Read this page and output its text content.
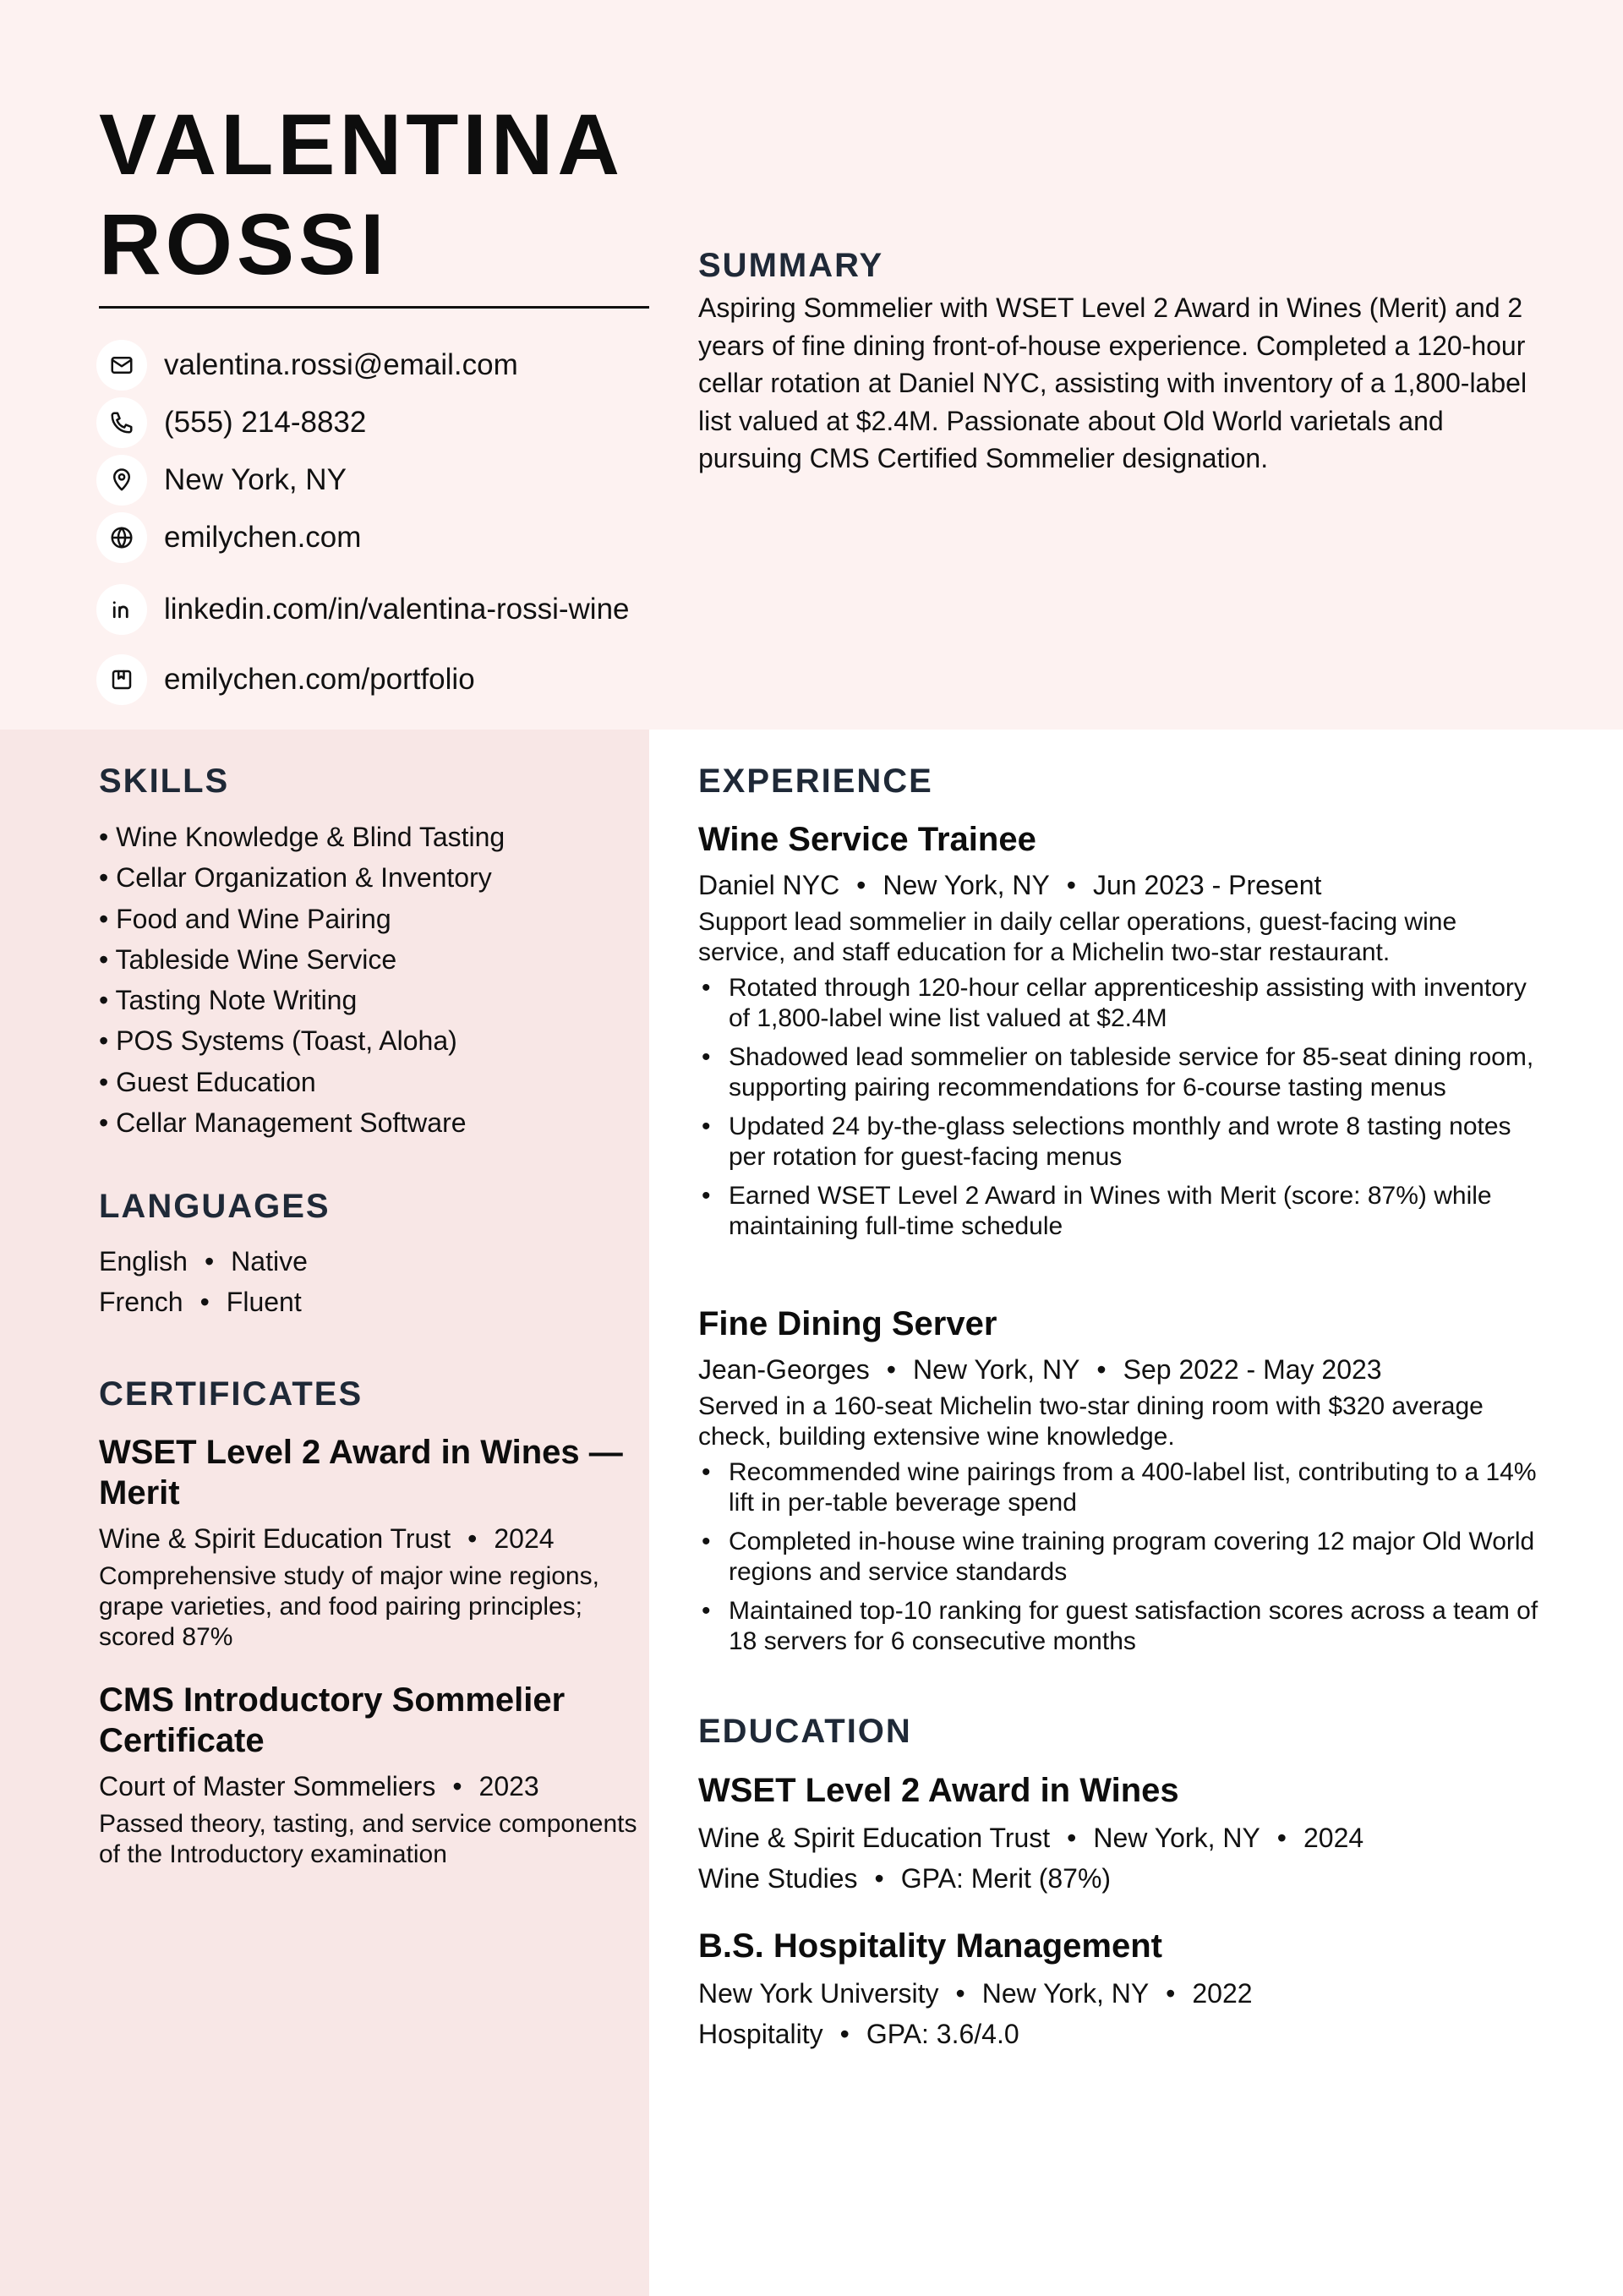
VALENTINA
ROSSI
valentina.rossi@email.com
(555) 214-8832
New York, NY
emilychen.com
linkedin.com/in/valentina-rossi-wine
emilychen.com/portfolio
SUMMARY

Aspiring Sommelier with WSET Level 2 Award in Wines (Merit) and 2 years of fine dining front-of-house experience. Completed a 120-hour cellar rotation at Daniel NYC, assisting with inventory of a 1,800-label list valued at $2.4M. Passionate about Old World varietals and pursuing CMS Certified Sommelier designation.

SKILLS
• Wine Knowledge & Blind Tasting
• Cellar Organization & Inventory
• Food and Wine Pairing
• Tableside Wine Service
• Tasting Note Writing
• POS Systems (Toast, Aloha)
• Guest Education
• Cellar Management Software
LANGUAGES
English • Native
French • Fluent
CERTIFICATES
WSET Level 2 Award in Wines — Merit
Wine & Spirit Education Trust • 2024
Comprehensive study of major wine regions, grape varieties, and food pairing principles; scored 87%
CMS Introductory Sommelier Certificate
Court of Master Sommeliers • 2023
Passed theory, tasting, and service components of the Introductory examination
EXPERIENCE
Wine Service Trainee
Daniel NYC • New York, NY • Jun 2023 - Present
Support lead sommelier in daily cellar operations, guest-facing wine service, and staff education for a Michelin two-star restaurant.
• Rotated through 120-hour cellar apprenticeship assisting with inventory of 1,800-label wine list valued at $2.4M
• Shadowed lead sommelier on tableside service for 85-seat dining room, supporting pairing recommendations for 6-course tasting menus
• Updated 24 by-the-glass selections monthly and wrote 8 tasting notes per rotation for guest-facing menus
• Earned WSET Level 2 Award in Wines with Merit (score: 87%) while maintaining full-time schedule
Fine Dining Server
Jean-Georges • New York, NY • Sep 2022 - May 2023
Served in a 160-seat Michelin two-star dining room with $320 average check, building extensive wine knowledge.
• Recommended wine pairings from a 400-label list, contributing to a 14% lift in per-table beverage spend
• Completed in-house wine training program covering 12 major Old World regions and service standards
• Maintained top-10 ranking for guest satisfaction scores across a team of 18 servers for 6 consecutive months
EDUCATION
WSET Level 2 Award in Wines
Wine & Spirit Education Trust • New York, NY • 2024
Wine Studies • GPA: Merit (87%)
B.S. Hospitality Management
New York University • New York, NY • 2022
Hospitality • GPA: 3.6/4.0
